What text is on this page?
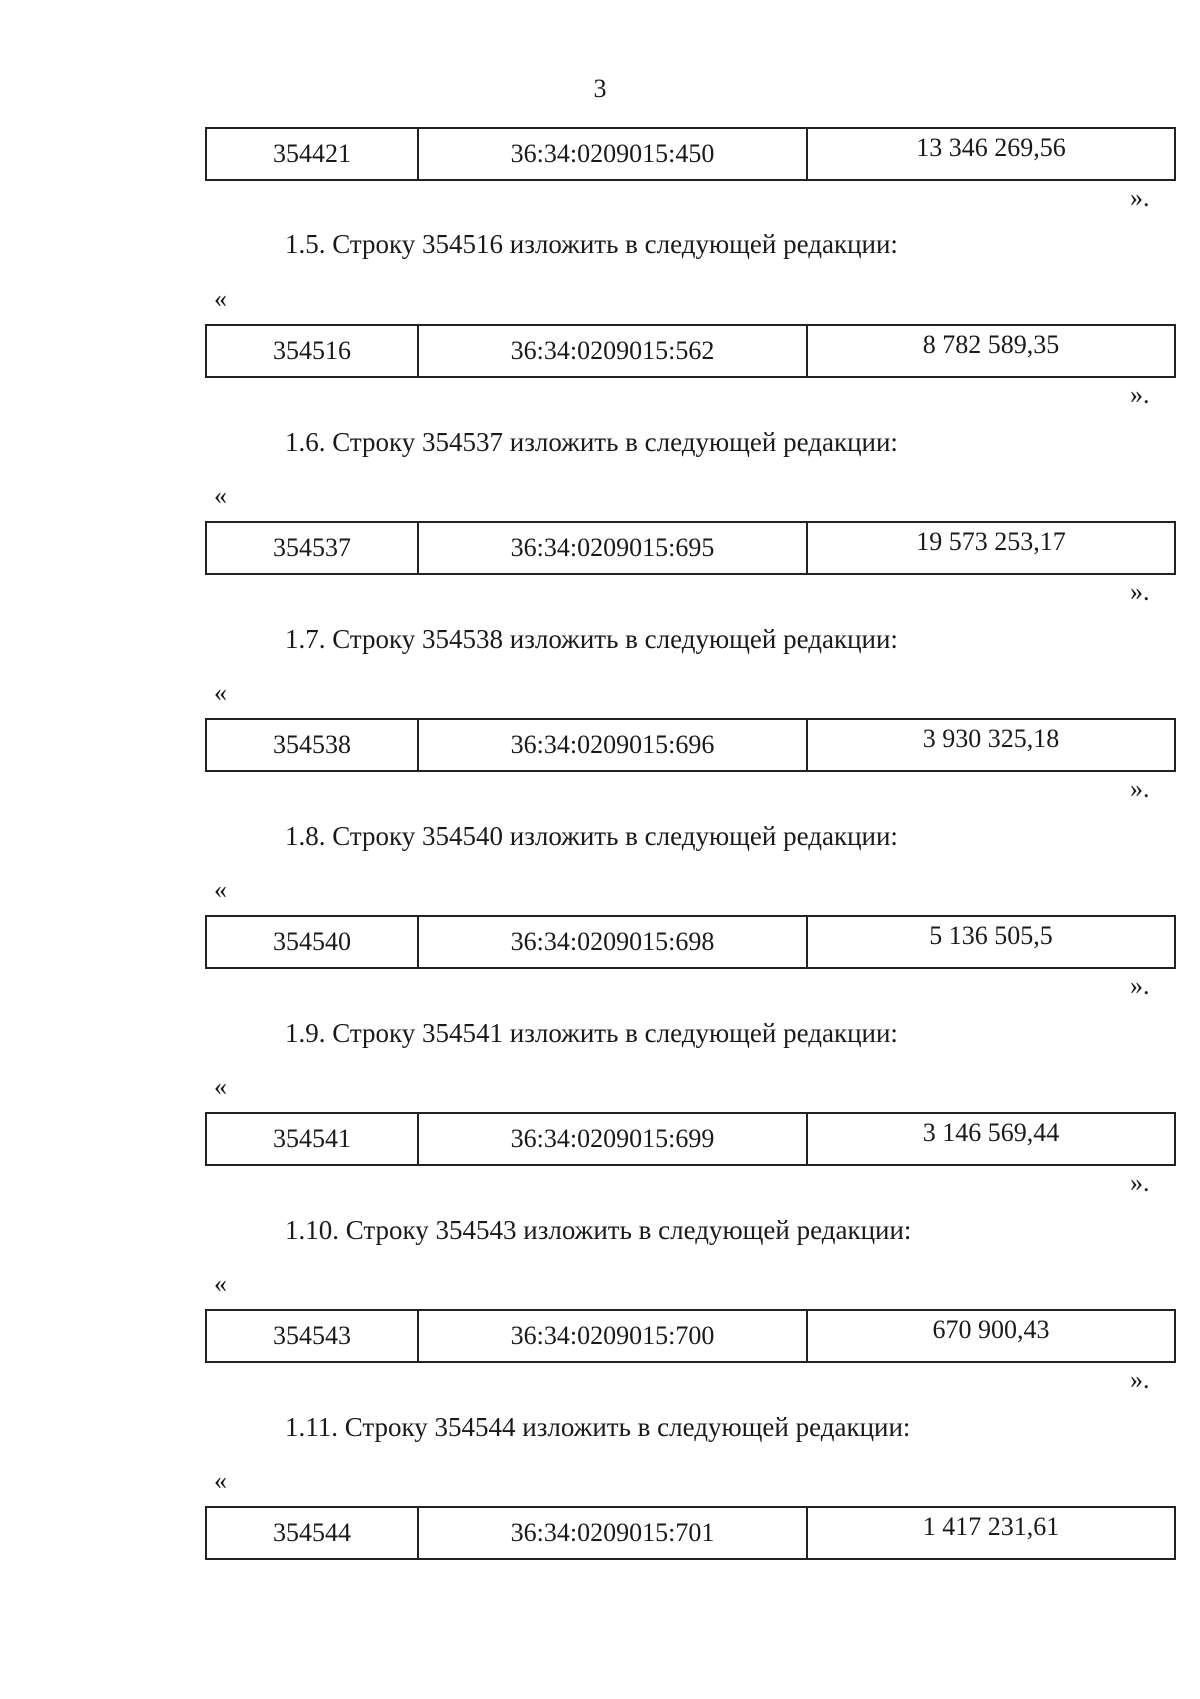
3
354421	36:34:0209015:450	13 346 269,56
».
1.5. Строку 354516 изложить в следующей редакции:
«
354516	36:34:0209015:562	8 782 589,35
».
1.6. Строку 354537 изложить в следующей редакции:
«
354537	36:34:0209015:695	19 573 253,17
».
1.7. Строку 354538 изложить в следующей редакции:
«
354538	36:34:0209015:696	3 930 325,18
».
1.8. Строку 354540 изложить в следующей редакции:
«
354540	36:34:0209015:698	5 136 505,5
».
1.9. Строку 354541 изложить в следующей редакции:
«
354541	36:34:0209015:699	3 146 569,44
».
1.10. Строку 354543 изложить в следующей редакции:
«
354543	36:34:0209015:700	670 900,43
».
1.11. Строку 354544 изложить в следующей редакции:
«
354544	36:34:0209015:701	1 417 231,61
